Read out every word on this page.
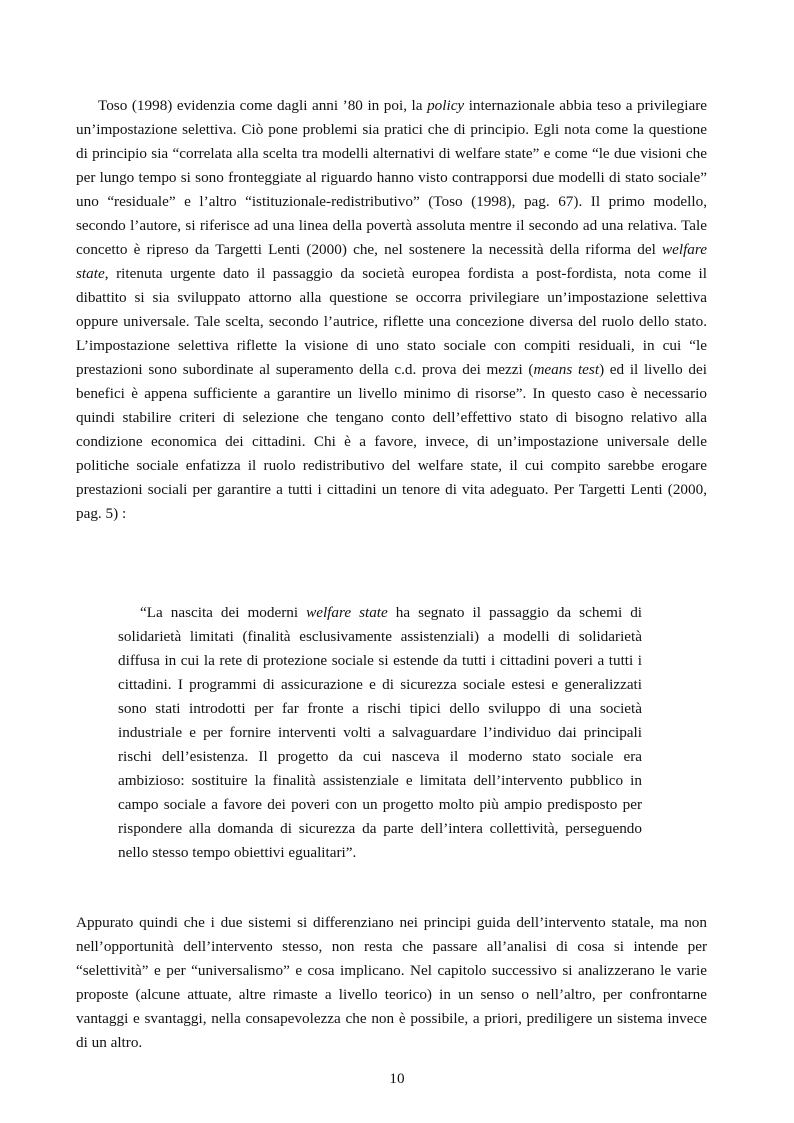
Toso (1998) evidenzia come dagli anni ’80 in poi, la policy internazionale abbia teso a privilegiare un’impostazione selettiva. Ciò pone problemi sia pratici che di principio. Egli nota come la questione di principio sia “correlata alla scelta tra modelli alternativi di welfare state” e come “le due visioni che per lungo tempo si sono fronteggiate al riguardo hanno visto contrapporsi due modelli di stato sociale” uno “residuale” e l’altro “istituzionale-redistributivo” (Toso (1998), pag. 67). Il primo modello, secondo l’autore, si riferisce ad una linea della povertà assoluta mentre il secondo ad una relativa. Tale concetto è ripreso da Targetti Lenti (2000) che, nel sostenere la necessità della riforma del welfare state, ritenuta urgente dato il passaggio da società europea fordista a post-fordista, nota come il dibattito si sia sviluppato attorno alla questione se occorra privilegiare un’impostazione selettiva oppure universale. Tale scelta, secondo l’autrice, riflette una concezione diversa del ruolo dello stato. L’impostazione selettiva riflette la visione di uno stato sociale con compiti residuali, in cui “le prestazioni sono subordinate al superamento della c.d. prova dei mezzi (means test) ed il livello dei benefici è appena sufficiente a garantire un livello minimo di risorse”. In questo caso è necessario quindi stabilire criteri di selezione che tengano conto dell’effettivo stato di bisogno relativo alla condizione economica dei cittadini. Chi è a favore, invece, di un’impostazione universale delle politiche sociale enfatizza il ruolo redistributivo del welfare state, il cui compito sarebbe erogare prestazioni sociali per garantire a tutti i cittadini un tenore di vita adeguato. Per Targetti Lenti (2000, pag. 5) :

“La nascita dei moderni welfare state ha segnato il passaggio da schemi di solidarietà limitati (finalità esclusivamente assistenziali) a modelli di solidarietà diffusa in cui la rete di protezione sociale si estende da tutti i cittadini poveri a tutti i cittadini. I programmi di assicurazione e di sicurezza sociale estesi e generalizzati sono stati introdotti per far fronte a rischi tipici dello sviluppo di una società industriale e per fornire interventi volti a salvaguardare l’individuo dai principali rischi dell’esistenza. Il progetto da cui nasceva il moderno stato sociale era ambizioso: sostituire la finalità assistenziale e limitata dell’intervento pubblico in campo sociale a favore dei poveri con un progetto molto più ampio predisposto per rispondere alla domanda di sicurezza da parte dell’intera collettività, perseguendo nello stesso tempo obiettivi egualitari”.

Appurato quindi che i due sistemi si differenziano nei principi guida dell’intervento statale, ma non nell’opportunità dell’intervento stesso, non resta che passare all’analisi di cosa si intende per “selettività” e per “universalismo” e cosa implicano. Nel capitolo successivo si analizzerano le varie proposte (alcune attuate, altre rimaste a livello teorico) in un senso o nell’altro, per confrontarne vantaggi e svantaggi, nella consapevolezza che non è possibile, a priori, prediligere un sistema invece di un altro.

10
